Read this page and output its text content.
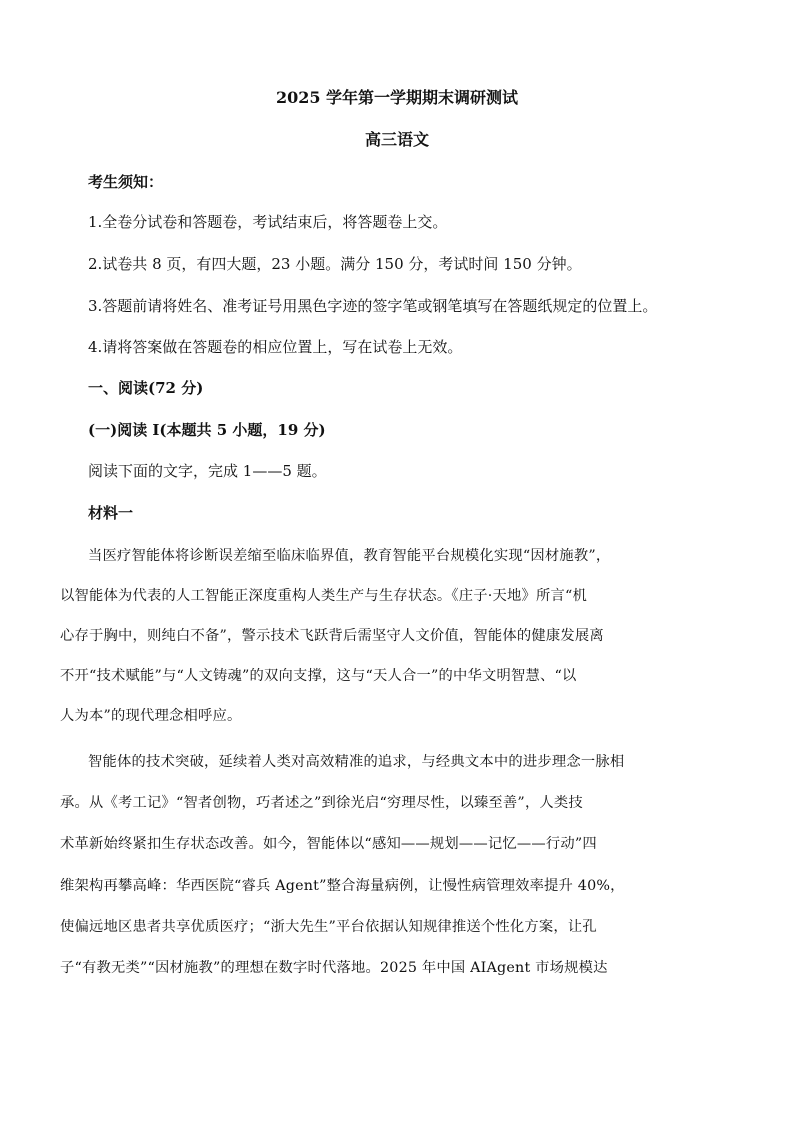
2025 学年第一学期期末调研测试
高三语文

考生须知：

1.全卷分试卷和答题卷，考试结束后，将答题卷上交。

2.试卷共 8 页，有四大题，23 小题。满分 150 分，考试时间 150 分钟。

3.答题前请将姓名、准考证号用黑色字迹的签字笔或钢笔填写在答题纸规定的位置上。

4.请将答案做在答题卷的相应位置上，写在试卷上无效。

一、阅读(72 分)

(一)阅读 I(本题共 5 小题，19 分)

阅读下面的文字，完成 1——5 题。

材料一

当医疗智能体将诊断误差缩至临床临界值，教育智能平台规模化实现“因材施教”，

以智能体为代表的人工智能正深度重构人类生产与生存状态。《庄子·天地》所言“机

心存于胸中，则纯白不备”，警示技术飞跃背后需坚守人文价值，智能体的健康发展离

不开“技术赋能”与“人文铸魂”的双向支撑，这与“天人合一”的中华文明智慧、“以

人为本”的现代理念相呼应。

智能体的技术突破，延续着人类对高效精准的追求，与经典文本中的进步理念一脉相

承。从《考工记》“智者创物，巧者述之”到徐光启“穷理尽性，以臻至善”，人类技

术革新始终紧扣生存状态改善。如今，智能体以“感知——规划——记忆——行动”四

维架构再攀高峰：华西医院“睿兵 Agent”整合海量病例，让慢性病管理效率提升 40%，

使偏远地区患者共享优质医疗；“浙大先生”平台依据认知规律推送个性化方案，让孔

子“有教无类”“因材施教”的理想在数字时代落地。2025 年中国 AIAgent 市场规模达
